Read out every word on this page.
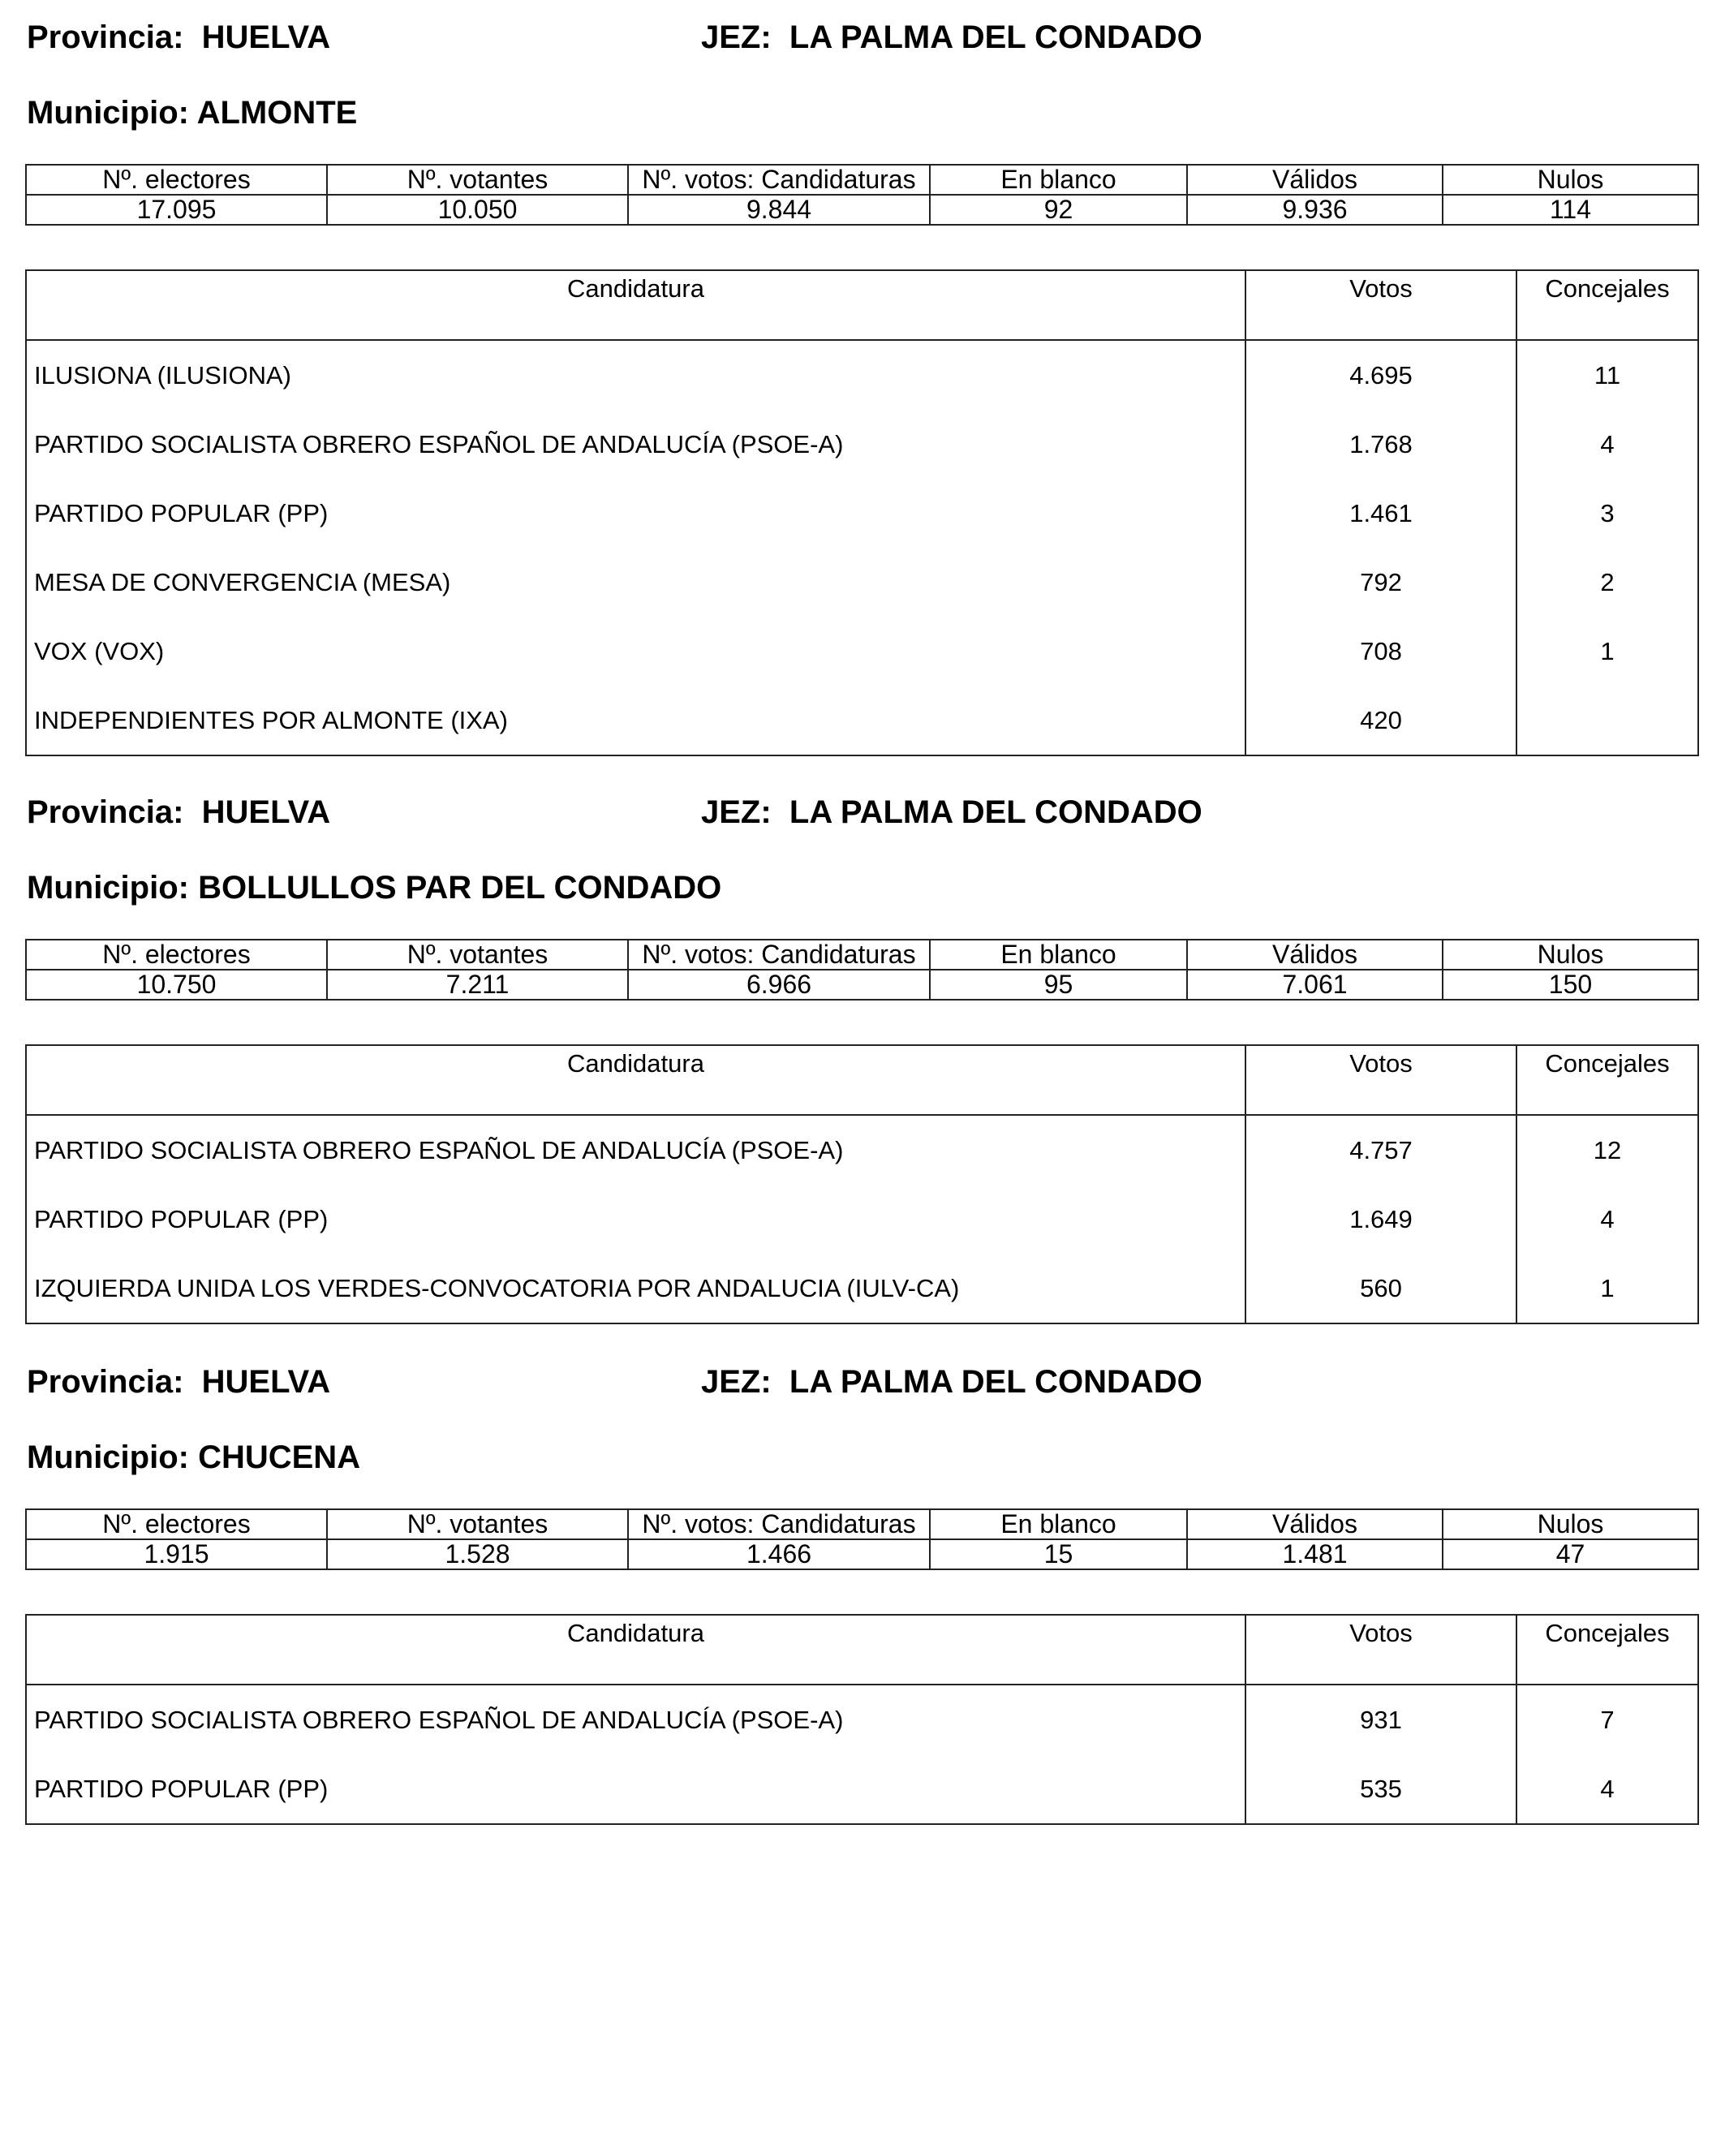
Provincia:  HUELVA	JEZ:  LA PALMA DEL CONDADO
Municipio: ALMONTE
Nº. electores	Nº. votantes	Nº. votos: Candidaturas	En blanco	Válidos	Nulos
17.095	10.050	9.844	92	9.936	114
Candidatura	Votos	Concejales
ILUSIONA (ILUSIONA)	4.695	11
PARTIDO SOCIALISTA OBRERO ESPAÑOL DE ANDALUCÍA (PSOE-A)	1.768	4
PARTIDO POPULAR (PP)	1.461	3
MESA DE CONVERGENCIA (MESA)	792	2
VOX (VOX)	708	1
INDEPENDIENTES POR ALMONTE (IXA)	420	
Provincia:  HUELVA	JEZ:  LA PALMA DEL CONDADO
Municipio: BOLLULLOS PAR DEL CONDADO
Nº. electores	Nº. votantes	Nº. votos: Candidaturas	En blanco	Válidos	Nulos
10.750	7.211	6.966	95	7.061	150
Candidatura	Votos	Concejales
PARTIDO SOCIALISTA OBRERO ESPAÑOL DE ANDALUCÍA (PSOE-A)	4.757	12
PARTIDO POPULAR (PP)	1.649	4
IZQUIERDA UNIDA LOS VERDES-CONVOCATORIA POR ANDALUCIA (IULV-CA)	560	1
Provincia:  HUELVA	JEZ:  LA PALMA DEL CONDADO
Municipio: CHUCENA
Nº. electores	Nº. votantes	Nº. votos: Candidaturas	En blanco	Válidos	Nulos
1.915	1.528	1.466	15	1.481	47
Candidatura	Votos	Concejales
PARTIDO SOCIALISTA OBRERO ESPAÑOL DE ANDALUCÍA (PSOE-A)	931	7
PARTIDO POPULAR (PP)	535	4
